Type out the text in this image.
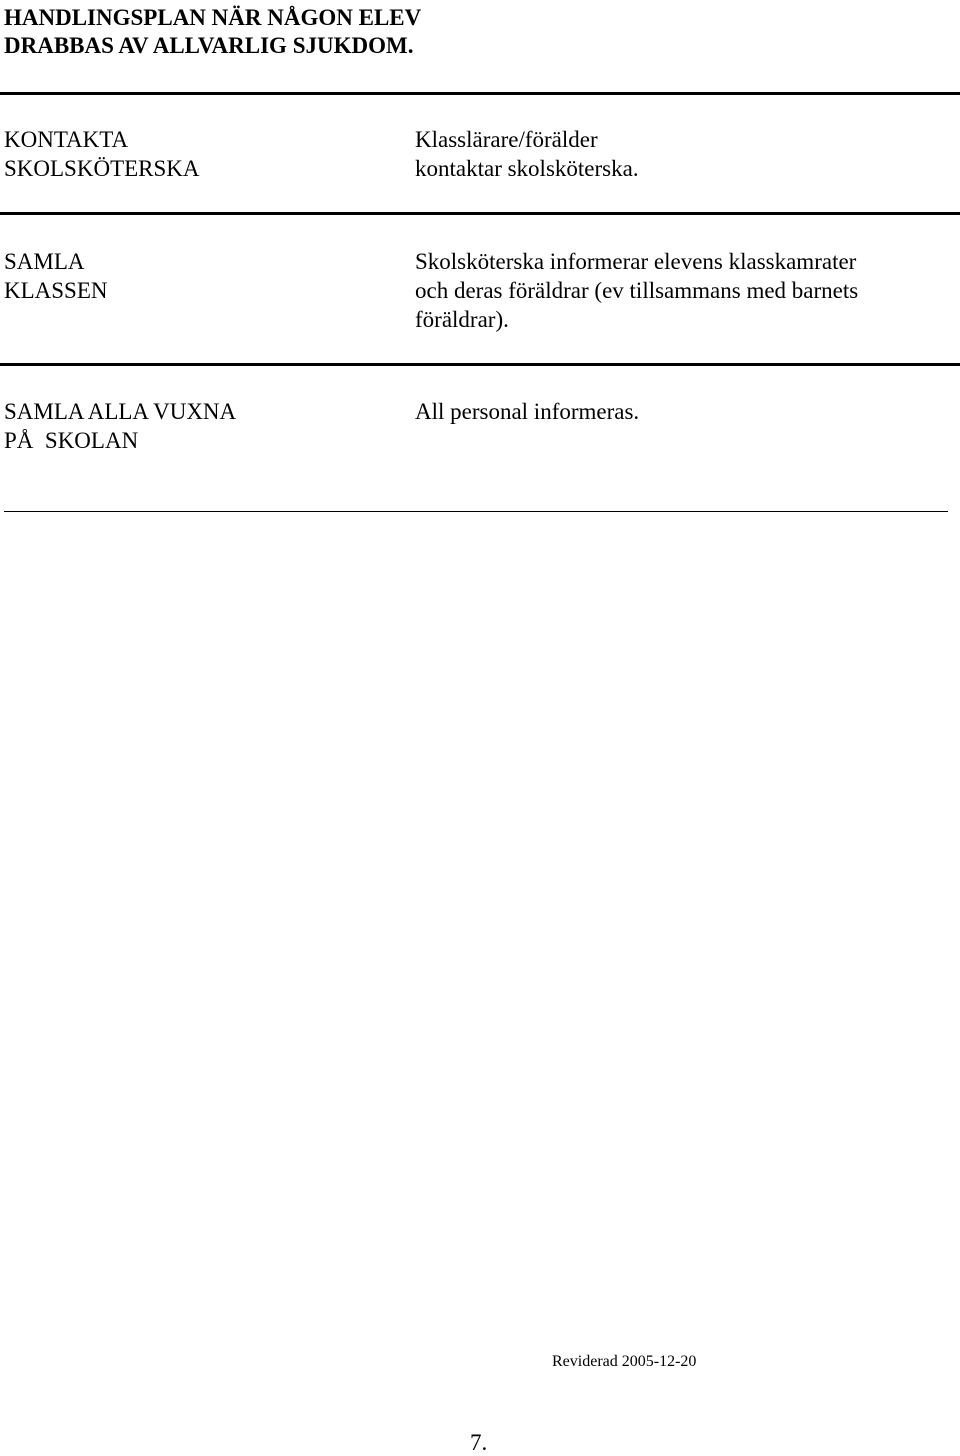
HANDLINGSPLAN NÄR NÅGON ELEV
DRABBAS AV ALLVARLIG SJUKDOM.
KONTAKTA
SKOLSKÖTERSKA
Klasslärare/förälder
kontaktar skolsköterska.
SAMLA
KLASSEN
Skolsköterska informerar elevens klasskamrater
och deras föräldrar (ev tillsammans med barnets
föräldrar).
SAMLA ALLA VUXNA
PÅ  SKOLAN
All personal informeras.
Reviderad 2005-12-20
7.
